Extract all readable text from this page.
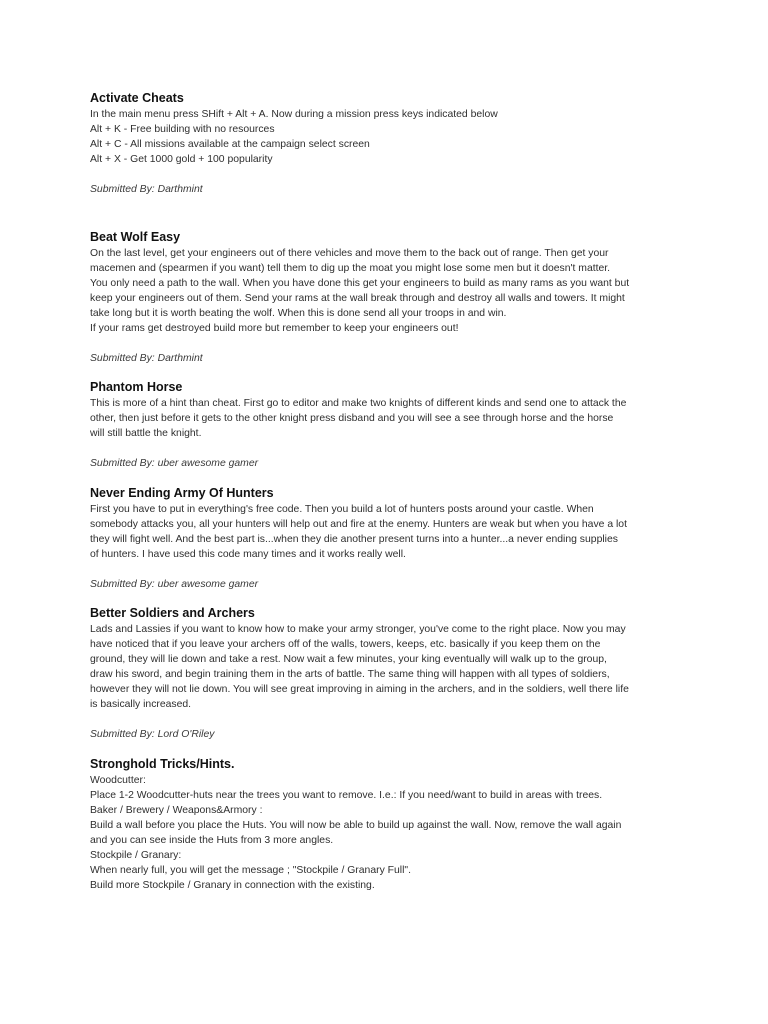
Activate Cheats

In the main menu press SHift + Alt + A. Now during a mission press keys indicated below

Alt + K - Free building with no resources

Alt + C - All missions available at the campaign select screen

Alt + X - Get 1000 gold + 100 popularity

Submitted By: Darthmint

Beat Wolf Easy

On the last level, get your engineers out of there vehicles and move them to the back out of range. Then get your

macemen and (spearmen if you want) tell them to dig up the moat you might lose some men but it doesn't matter.

You only need a path to the wall. When you have done this get your engineers to build as many rams as you want but

keep your engineers out of them. Send your rams at the wall break through and destroy all walls and towers. It might

take long but it is worth beating the wolf. When this is done send all your troops in and win.

If your rams get destroyed build more but remember to keep your engineers out!

Submitted By: Darthmint

Phantom Horse

This is more of a hint than cheat. First go to editor and make two knights of different kinds and send one to attack the

other, then just before it gets to the other knight press disband and you will see a see through horse and the horse

will still battle the knight.

Submitted By: uber awesome gamer

Never Ending Army Of Hunters

First you have to put in everything's free code. Then you build a lot of hunters posts around your castle. When

somebody attacks you, all your hunters will help out and fire at the enemy. Hunters are weak but when you have a lot

they will fight well. And the best part is...when they die another present turns into a hunter...a never ending supplies

of hunters. I have used this code many times and it works really well.

Submitted By: uber awesome gamer

Better Soldiers and Archers

Lads and Lassies if you want to know how to make your army stronger, you've come to the right place. Now you may

have noticed that if you leave your archers off of the walls, towers, keeps, etc. basically if you keep them on the

ground, they will lie down and take a rest. Now wait a few minutes, your king eventually will walk up to the group,

draw his sword, and begin training them in the arts of battle. The same thing will happen with all types of soldiers,

however they will not lie down. You will see great improving in aiming in the archers, and in the soldiers, well there life

is basically increased.

Submitted By: Lord O'Riley

Stronghold Tricks/Hints.

Woodcutter:

Place 1-2 Woodcutter-huts near the trees you want to remove. I.e.: If you need/want to build in areas with trees.

Baker / Brewery / Weapons&Armory :

Build a wall before you place the Huts. You will now be able to build up against the wall. Now, remove the wall again

and you can see inside the Huts from 3 more angles.

Stockpile / Granary:

When nearly full, you will get the message ; "Stockpile / Granary Full".

Build more Stockpile / Granary in connection with the existing.
